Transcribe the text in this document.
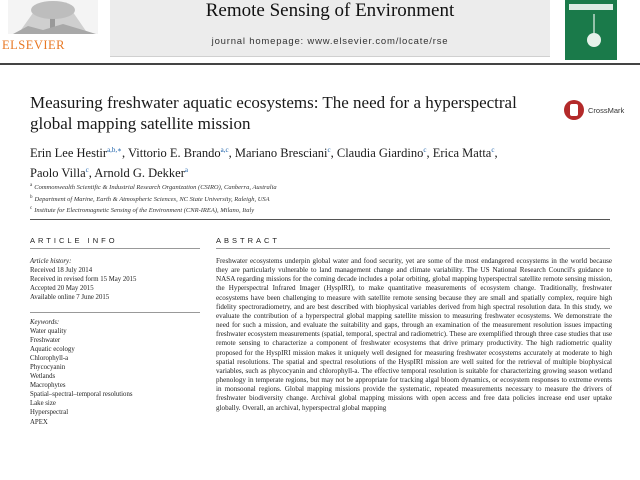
ELSEVIER
Remote Sensing of Environment
journal homepage: www.elsevier.com/locate/rse
Measuring freshwater aquatic ecosystems: The need for a hyperspectral global mapping satellite mission
CrossMark
Erin Lee Hestir$^{a,b,∗}$, Vittorio E. Brando$^{a,c}$, Mariano Bresciani$^c$, Claudia Giardino$^c$, Erica Matta$^c$,
Paolo Villa$^c$, Arnold G. Dekker$^a$
$^a$ Commonwealth Scientific & Industrial Research Organization (CSIRO), Canberra, Australia
$^b$ Department of Marine, Earth & Atmospheric Sciences, NC State University, Raleigh, USA
$^c$ Institute for Electromagnetic Sensing of the Environment (CNR-IREA), Milano, Italy
ARTICLE INFO
Article history:
Received 18 July 2014
Received in revised form 15 May 2015
Accepted 20 May 2015
Available online 7 June 2015
Keywords:
Water quality
Freshwater
Aquatic ecology
Chlorophyll-a
Phycocyanin
Wetlands
Macrophytes
Spatial–spectral–temporal resolutions
Lake size
Hyperspectral
APEX
ABSTRACT
Freshwater ecosystems underpin global water and food security, yet are some of the most endangered ecosystems in the world because they are particularly vulnerable to land management change and climate variability. The US National Research Council's guidance to NASA regarding missions for the coming decade includes a polar orbiting, global mapping hyperspectral satellite remote sensing mission, the Hyperspectral Infrared Imager (HyspIRI), to make quantitative measurements of ecosystem change. Traditionally, freshwater ecosystems have been challenging to measure with satellite remote sensing because they are small and spatially complex, require high fidelity spectroradiometry, and are best described with biophysical variables derived from high spectral resolution data. In this study, we evaluate the contribution of a hyperspectral global mapping satellite mission to measuring freshwater ecosystems. We demonstrate the need for such a mission, and evaluate the suitability and gaps, through an examination of the measurement resolution issues impacting freshwater ecosystem measurements (spatial, temporal, spectral and radiometric). These are exemplified through three case studies that use remote sensing to characterize a component of freshwater ecosystems that drive primary productivity. The high radiometric quality proposed for the HyspIRI mission makes it uniquely well designed for measuring freshwater ecosystems accurately at moderate to high spatial resolutions. The spatial and spectral resolutions of the HyspIRI mission are well suited for the retrieval of multiple biophysical variables, such as phycocyanin and chlorophyll-a. The effective temporal resolution is suitable for characterizing growing season wetland phenology in temperate regions, but may not be appropriate for tracking algal bloom dynamics, or ecosystem responses to extreme events in monsoonal regions. Global mapping missions provide the systematic, repeated measurements necessary to measure the drivers of freshwater biodiversity change. Archival global mapping missions with open access and free data policies increase end user uptake globally. Overall, an archival, hyperspectral global mapping
